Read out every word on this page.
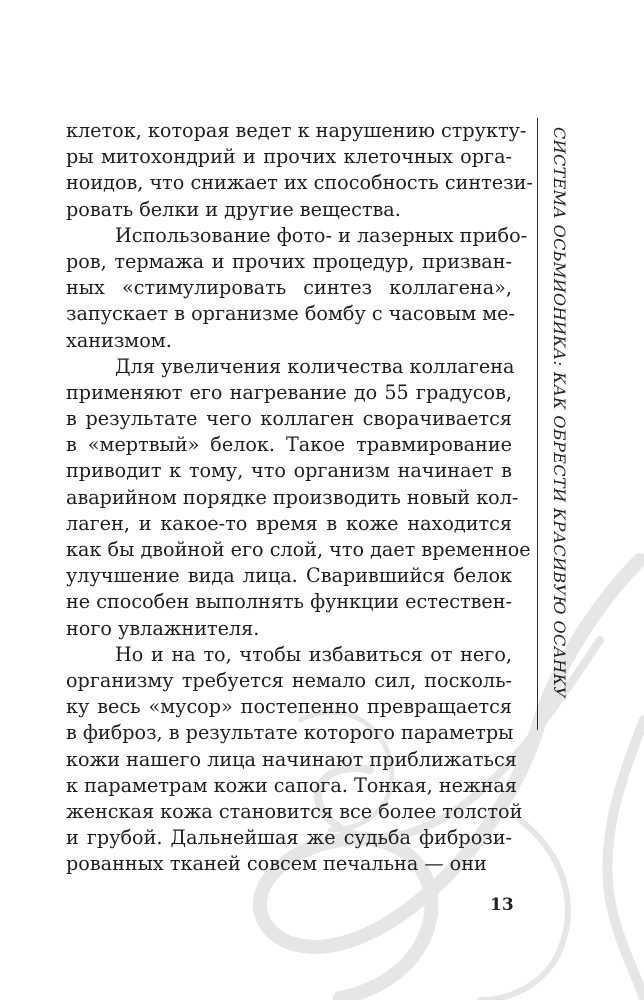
клеток, которая ведет к нарушению структу-
ры митохондрий и прочих клеточных орга-
ноидов, что снижает их способность синтези-
ровать белки и другие вещества.
Использование фото- и лазерных прибо-
ров, термажа и прочих процедур, призван-
ных «стимулировать синтез коллагена»,
запускает в организме бомбу с часовым ме-
ханизмом.
Для увеличения количества коллагена
применяют его нагревание до 55 градусов,
в результате чего коллаген сворачивается
в «мертвый» белок. Такое травмирование
приводит к тому, что организм начинает в
аварийном порядке производить новый кол-
лаген, и какое-то время в коже находится
как бы двойной его слой, что дает временное
улучшение вида лица. Сварившийся белок
не способен выполнять функции естествен-
ного увлажнителя.
Но и на то, чтобы избавиться от него,
организму требуется немало сил, посколь-
ку весь «мусор» постепенно превращается
в фиброз, в результате которого параметры
кожи нашего лица начинают приближаться
к параметрам кожи сапога. Тонкая, нежная
женская кожа становится все более толстой
и грубой. Дальнейшая же судьба фибрози-
рованных тканей совсем печальна — они
СИСТЕМА ОСЬМИОНИКА: КАК ОБРЕСТИ КРАСИВУЮ ОСАНКУ
13
